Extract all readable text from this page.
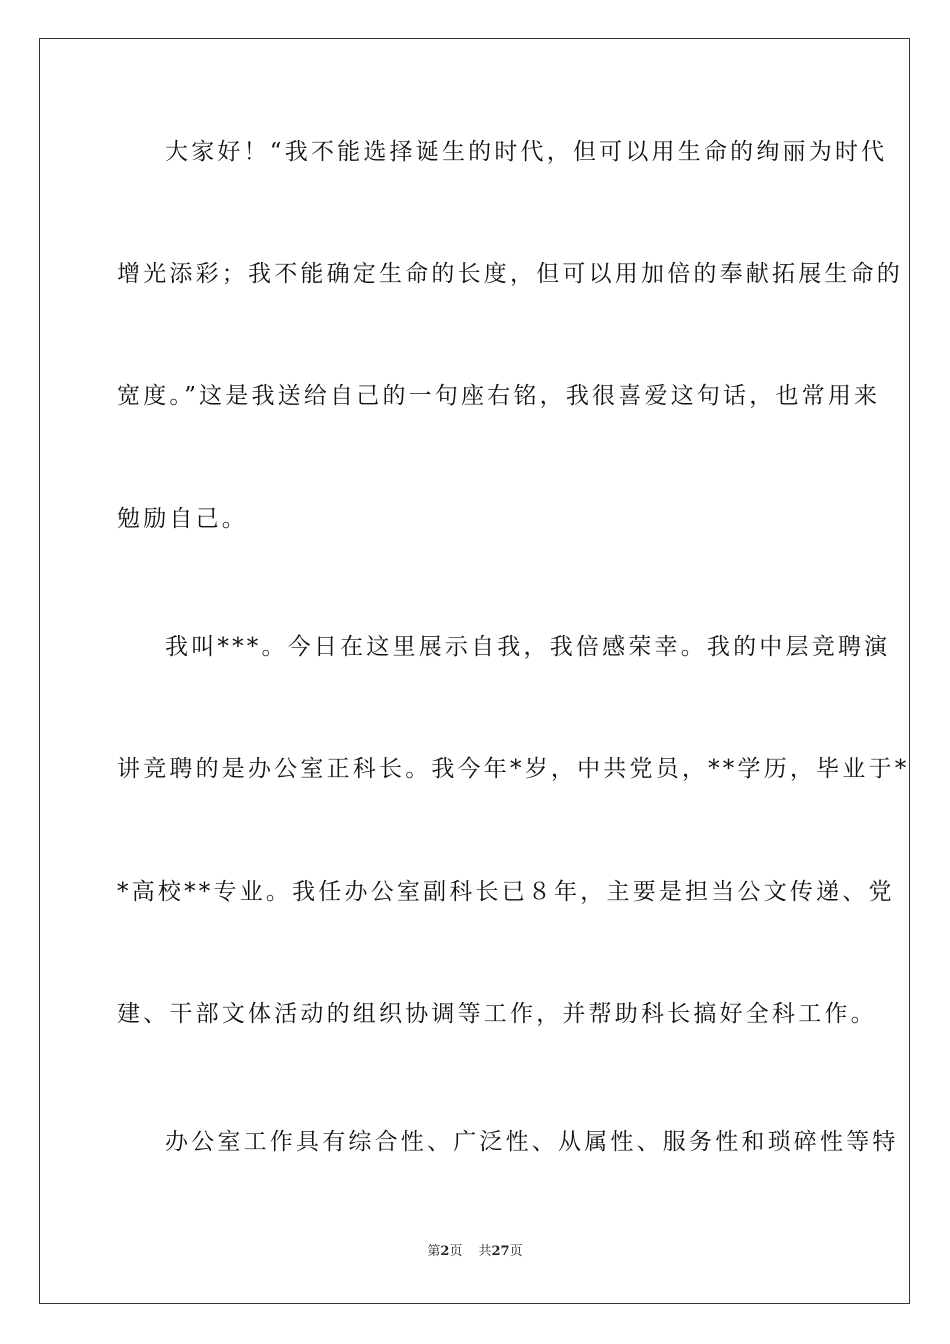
大家好！“我不能选择诞生的时代，但可以用生命的绚丽为时代
增光添彩；我不能确定生命的长度，但可以用加倍的奉献拓展生命的
宽度。”这是我送给自己的一句座右铭，我很喜爱这句话，也常用来
勉励自己。
我叫***。今日在这里展示自我，我倍感荣幸。我的中层竞聘演
讲竞聘的是办公室正科长。我今年*岁，中共党员，**学历，毕业于*
*高校**专业。我任办公室副科长已８年，主要是担当公文传递、党
建、干部文体活动的组织协调等工作，并帮助科长搞好全科工作。
办公室工作具有综合性、广泛性、从属性、服务性和琐碎性等特
第2页 共27页
